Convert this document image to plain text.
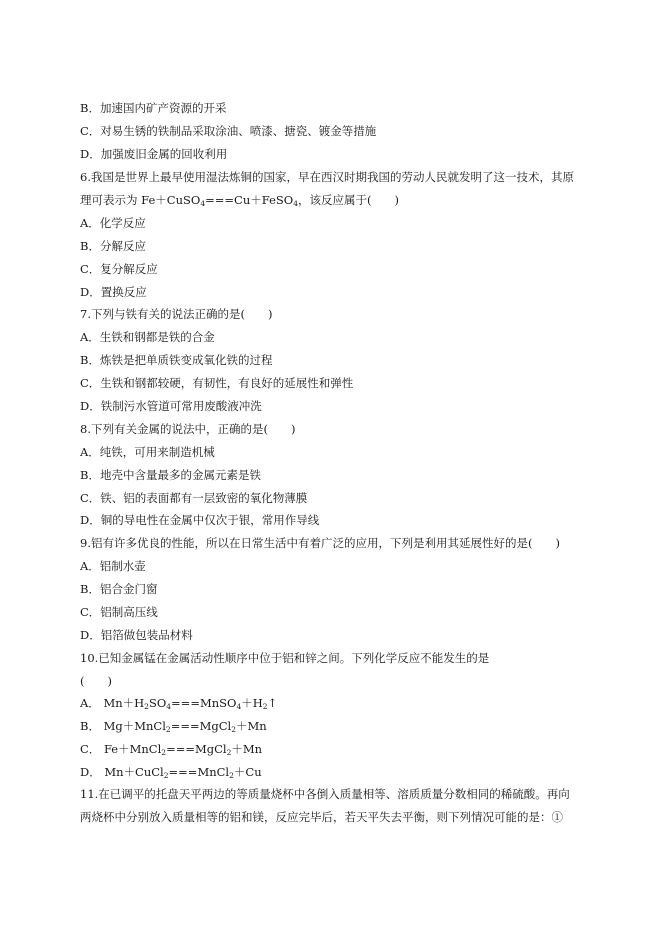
B．加速国内矿产资源的开采
C．对易生锈的铁制品采取涂油、喷漆、搪瓷、镀金等措施
D．加强废旧金属的回收利用
6.我国是世界上最早使用湿法炼铜的国家，早在西汉时期我国的劳动人民就发明了这一技术，其原
理可表示为 Fe＋CuSO$_4$===Cu＋FeSO$_4$，该反应属于(　　)
A．化学反应
B．分解反应
C．复分解反应
D．置换反应
7.下列与铁有关的说法正确的是(　　)
A．生铁和钢都是铁的合金
B．炼铁是把单质铁变成氧化铁的过程
C．生铁和钢都较硬，有韧性，有良好的延展性和弹性
D．铁制污水管道可常用废酸液冲洗
8.下列有关金属的说法中，正确的是(　　)
A．纯铁，可用来制造机械
B．地壳中含量最多的金属元素是铁
C．铁、铝的表面都有一层致密的氧化物薄膜
D．铜的导电性在金属中仅次于银，常用作导线
9.铝有许多优良的性能，所以在日常生活中有着广泛的应用，下列是利用其延展性好的是(　　)
A．铝制水壶
B．铝合金门窗
C．铝制高压线
D．铝箔做包装品材料
10.已知金属锰在金属活动性顺序中位于铝和锌之间。下列化学反应不能发生的是
(　　)
A． $Mn+H_2SO_4===MnSO_4+H_2↑$
B． Mg＋MnCl$_2$===MgCl$_2$＋Mn
C． Fe＋MnCl$_2$===MgCl$_2$＋Mn
D． Mn＋CuCl$_2$===MnCl$_2$＋Cu
11.在已调平的托盘天平两边的等质量烧杯中各倒入质量相等、溶质质量分数相同的稀硫酸。再向
两烧杯中分别放入质量相等的铝和镁，反应完毕后，若天平失去平衡，则下列情况可能的是：①
